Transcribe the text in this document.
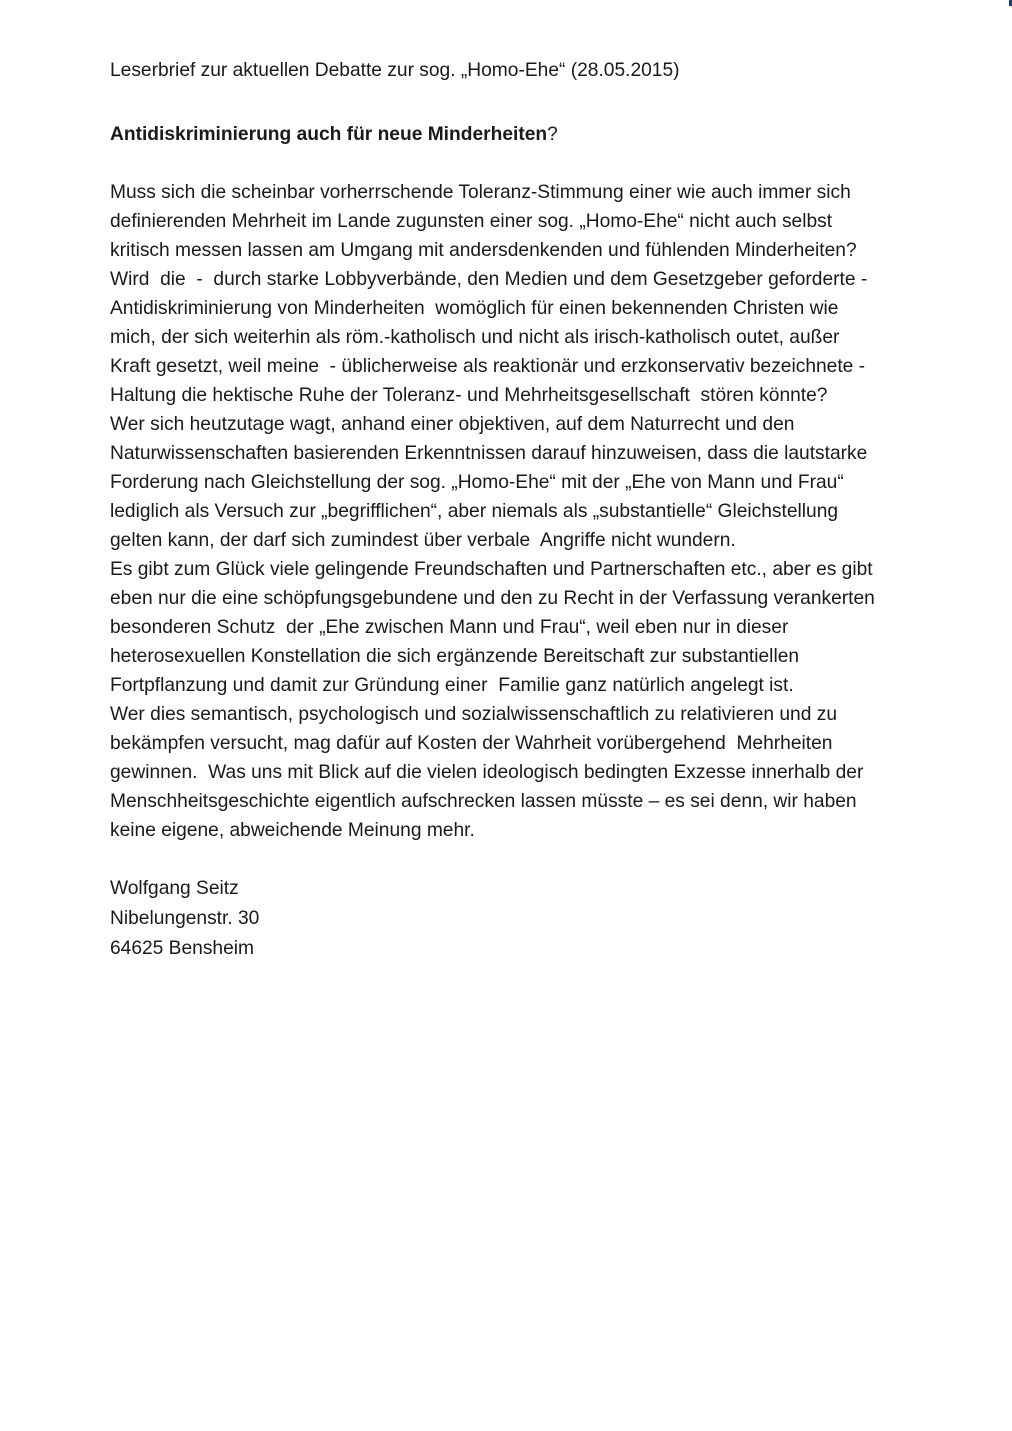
Leserbrief zur aktuellen Debatte zur sog. „Homo-Ehe“ (28.05.2015)
Antidiskriminierung auch für neue Minderheiten?
Muss sich die scheinbar vorherrschende Toleranz-Stimmung einer wie auch immer sich
definierenden Mehrheit im Lande zugunsten einer sog. „Homo-Ehe“ nicht auch selbst
kritisch messen lassen am Umgang mit andersdenkenden und fühlenden Minderheiten?
Wird  die  -  durch starke Lobbyverbände, den Medien und dem Gesetzgeber geforderte -
Antidiskriminierung von Minderheiten  womöglich für einen bekennenden Christen wie
mich, der sich weiterhin als röm.-katholisch und nicht als irisch-katholisch outet, außer
Kraft gesetzt, weil meine  - üblicherweise als reaktionär und erzkonservativ bezeichnete -
Haltung die hektische Ruhe der Toleranz- und Mehrheitsgesellschaft  stören könnte?
Wer sich heutzutage wagt, anhand einer objektiven, auf dem Naturrecht und den
Naturwissenschaften basierenden Erkenntnissen darauf hinzuweisen, dass die lautstarke
Forderung nach Gleichstellung der sog. „Homo-Ehe“ mit der „Ehe von Mann und Frau“
lediglich als Versuch zur „begrifflichen“, aber niemals als „substantielle“ Gleichstellung
gelten kann, der darf sich zumindest über verbale  Angriffe nicht wundern.
Es gibt zum Glück viele gelingende Freundschaften und Partnerschaften etc., aber es gibt
eben nur die eine schöpfungsgebundene und den zu Recht in der Verfassung verankerten
besonderen Schutz  der „Ehe zwischen Mann und Frau“, weil eben nur in dieser
heterosexuellen Konstellation die sich ergänzende Bereitschaft zur substantiellen
Fortpflanzung und damit zur Gründung einer  Familie ganz natürlich angelegt ist.
Wer dies semantisch, psychologisch und sozialwissenschaftlich zu relativieren und zu
bekämpfen versucht, mag dafür auf Kosten der Wahrheit vorübergehend  Mehrheiten
gewinnen.  Was uns mit Blick auf die vielen ideologisch bedingten Exzesse innerhalb der
Menschheitsgeschichte eigentlich aufschrecken lassen müsste – es sei denn, wir haben
keine eigene, abweichende Meinung mehr.
Wolfgang Seitz
Nibelungenstr. 30
64625 Bensheim
